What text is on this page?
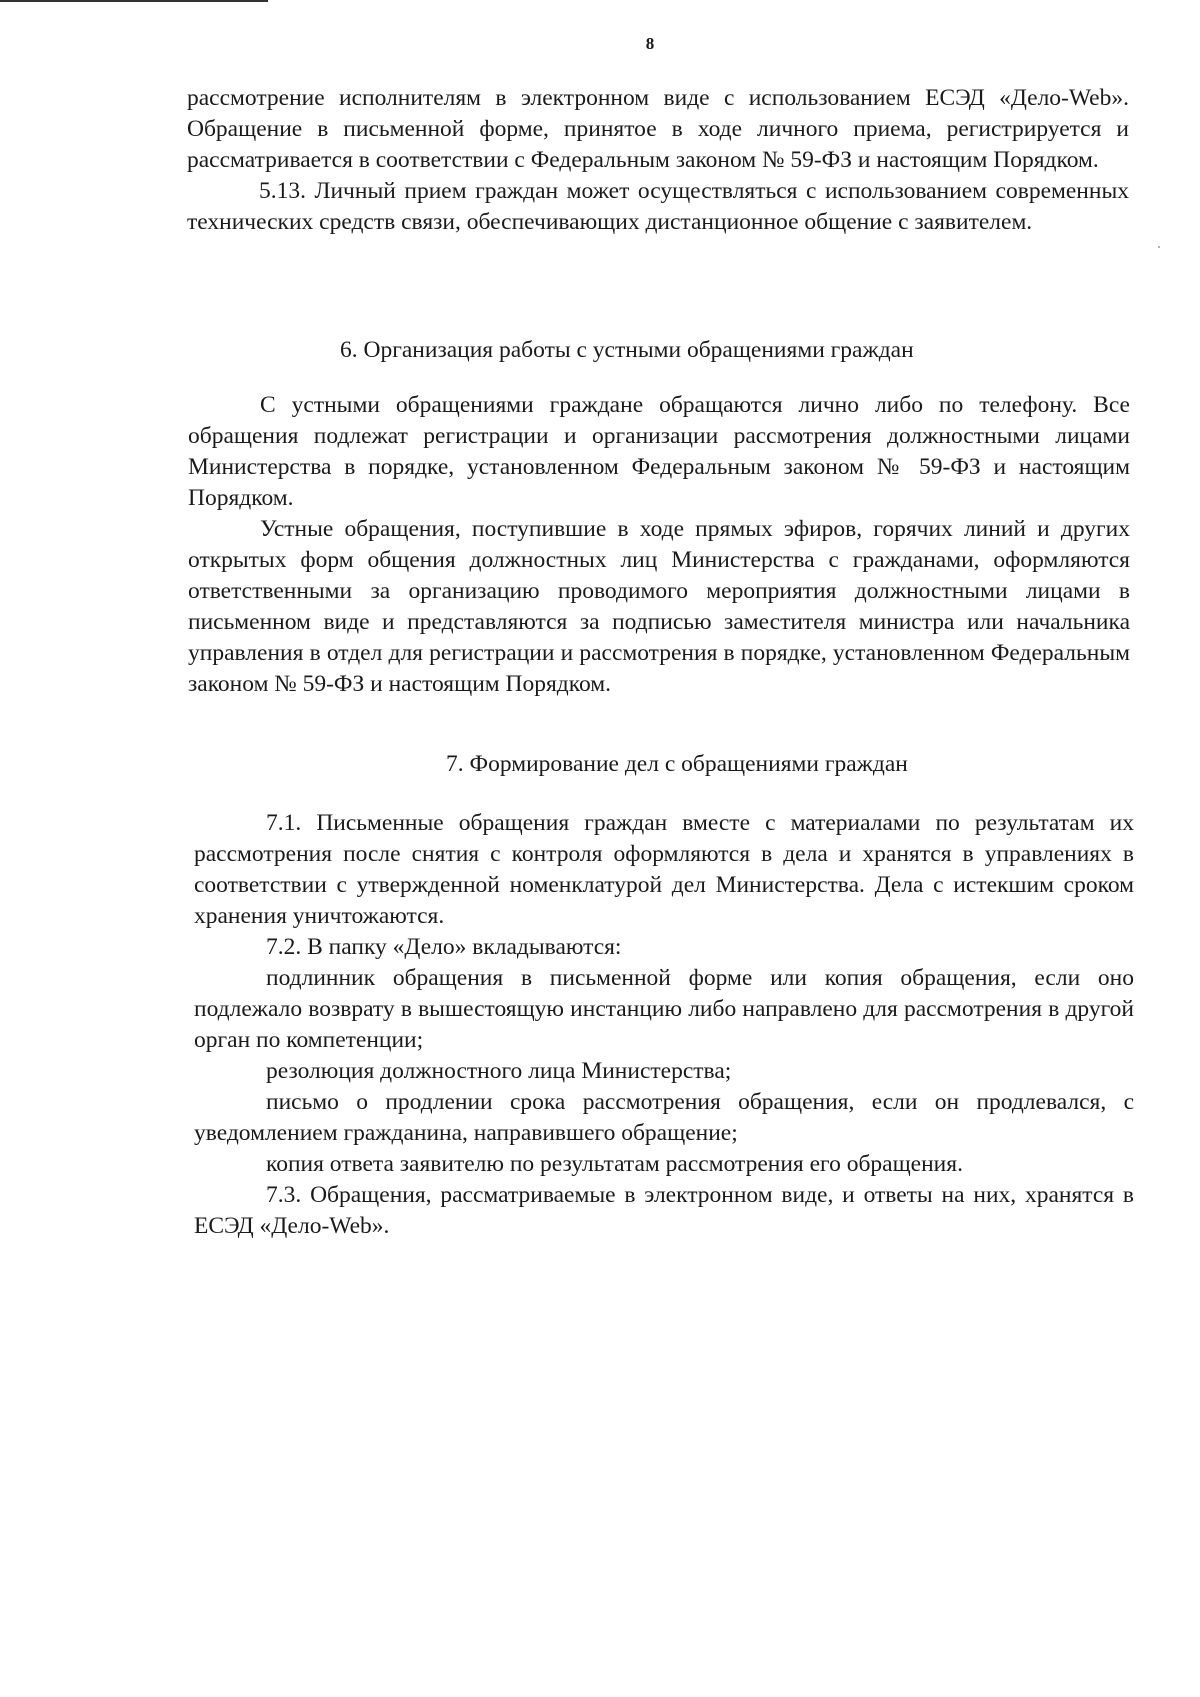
8

рассмотрение исполнителям в электронном виде с использованием ЕСЭД «Дело-Web». Обращение в письменной форме, принятое в ходе личного приема, регистрируется и рассматривается в соответствии с Федеральным законом № 59-ФЗ и настоящим Порядком.

5.13. Личный прием граждан может осуществляться с использованием современных технических средств связи, обеспечивающих дистанционное общение с заявителем.

6. Организация работы с устными обращениями граждан

С устными обращениями граждане обращаются лично либо по телефону. Все обращения подлежат регистрации и организации рассмотрения должностными лицами Министерства в порядке, установленном Федеральным законом № 59-ФЗ и настоящим Порядком.

Устные обращения, поступившие в ходе прямых эфиров, горячих линий и других открытых форм общения должностных лиц Министерства с гражданами, оформляются ответственными за организацию проводимого мероприятия должностными лицами в письменном виде и представляются за подписью заместителя министра или начальника управления в отдел для регистрации и рассмотрения в порядке, установленном Федеральным законом № 59-ФЗ и настоящим Порядком.

7. Формирование дел с обращениями граждан

7.1. Письменные обращения граждан вместе с материалами по результатам их рассмотрения после снятия с контроля оформляются в дела и хранятся в управлениях в соответствии с утвержденной номенклатурой дел Министерства. Дела с истекшим сроком хранения уничтожаются.

7.2. В папку «Дело» вкладываются:

подлинник обращения в письменной форме или копия обращения, если оно подлежало возврату в вышестоящую инстанцию либо направлено для рассмотрения в другой орган по компетенции;

резолюция должностного лица Министерства;

письмо о продлении срока рассмотрения обращения, если он продлевался, с уведомлением гражданина, направившего обращение;

копия ответа заявителю по результатам рассмотрения его обращения.

7.3. Обращения, рассматриваемые в электронном виде, и ответы на них, хранятся в ЕСЭД «Дело-Web».
